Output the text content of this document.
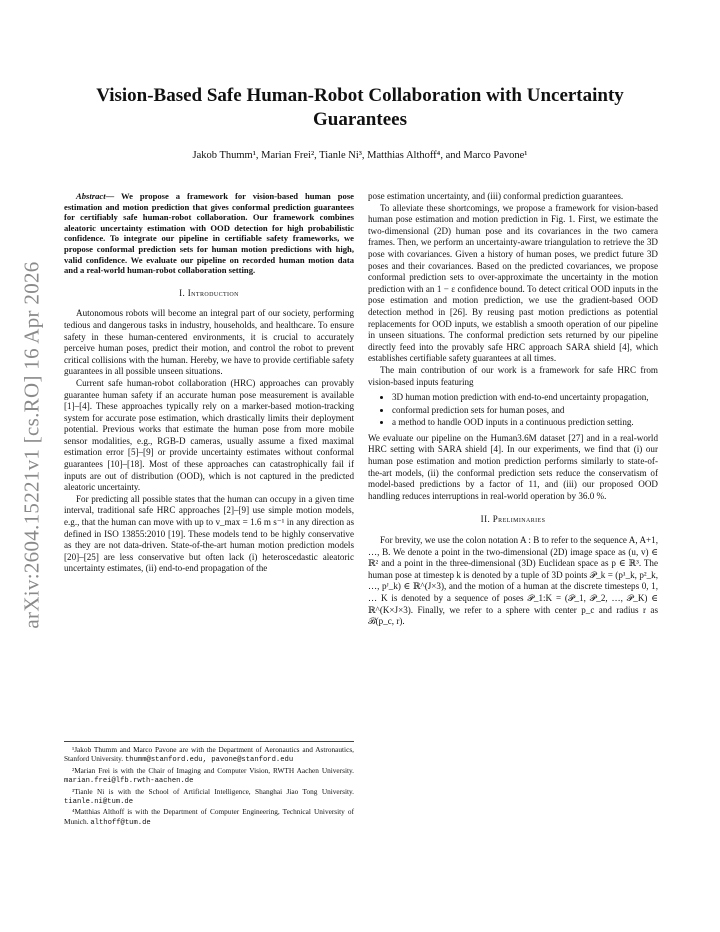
arXiv:2604.15221v1 [cs.RO] 16 Apr 2026
Vision-Based Safe Human-Robot Collaboration with Uncertainty Guarantees
Jakob Thumm¹, Marian Frei², Tianle Ni³, Matthias Althoff⁴, and Marco Pavone¹

Abstract— We propose a framework for vision-based human pose estimation and motion prediction that gives conformal prediction guarantees for certifiably safe human-robot collaboration. Our framework combines aleatoric uncertainty estimation with OOD detection for high probabilistic confidence. To integrate our pipeline in certifiable safety frameworks, we propose conformal prediction sets for human motion predictions with high, valid confidence. We evaluate our pipeline on recorded human motion data and a real-world human-robot collaboration setting.

I. Introduction

Autonomous robots will become an integral part of our society, performing tedious and dangerous tasks in industry, households, and healthcare. To ensure safety in these human-centered environments, it is crucial to accurately perceive human poses, predict their motion, and control the robot to prevent critical collisions with the human. Hereby, we have to provide certifiable safety guarantees in all possible unseen situations.

Current safe human-robot collaboration (HRC) approaches can provably guarantee human safety if an accurate human pose measurement is available [1]–[4]. These approaches typically rely on a marker-based motion-tracking system for accurate pose estimation, which drastically limits their deployment potential. Previous works that estimate the human pose from more mobile sensor modalities, e.g., RGB-D cameras, usually assume a fixed maximal estimation error [5]–[9] or provide uncertainty estimates without conformal guarantees [10]–[18]. Most of these approaches can catastrophically fail if inputs are out of distribution (OOD), which is not captured in the predicted aleatoric uncertainty.

For predicting all possible states that the human can occupy in a given time interval, traditional safe HRC approaches [2]–[9] use simple motion models, e.g., that the human can move with up to v_max = 1.6 m s⁻¹ in any direction as defined in ISO 13855:2010 [19]. These models tend to be highly conservative as they are not data-driven. State-of-the-art human motion prediction models [20]–[25] are less conservative but often lack (i) heteroscedastic aleatoric uncertainty estimates, (ii) end-to-end propagation of the

¹Jakob Thumm and Marco Pavone are with the Department of Aeronautics and Astronautics, Stanford University. thumm@stanford.edu, pavone@stanford.edu

²Marian Frei is with the Chair of Imaging and Computer Vision, RWTH Aachen University. marian.frei@lfb.rwth-aachen.de

³Tianle Ni is with the School of Artificial Intelligence, Shanghai Jiao Tong University. tianle.ni@tum.de

⁴Matthias Althoff is with the Department of Computer Engineering, Technical University of Munich. althoff@tum.de

pose estimation uncertainty, and (iii) conformal prediction guarantees.

To alleviate these shortcomings, we propose a framework for vision-based human pose estimation and motion prediction in Fig. 1. First, we estimate the two-dimensional (2D) human pose and its covariances in the two camera frames. Then, we perform an uncertainty-aware triangulation to retrieve the 3D pose with covariances. Given a history of human poses, we predict future 3D poses and their covariances. Based on the predicted covariances, we propose conformal prediction sets to over-approximate the uncertainty in the motion prediction with an 1 − ε confidence bound. To detect critical OOD inputs in the pose estimation and motion prediction, we use the gradient-based OOD detection method in [26]. By reusing past motion predictions as potential replacements for OOD inputs, we establish a smooth operation of our pipeline in unseen situations. The conformal prediction sets returned by our pipeline directly feed into the provably safe HRC approach SARA shield [4], which establishes certifiable safety guarantees at all times.

The main contribution of our work is a framework for safe HRC from vision-based inputs featuring

• 3D human motion prediction with end-to-end uncertainty propagation,
• conformal prediction sets for human poses, and
• a method to handle OOD inputs in a continuous prediction setting.

We evaluate our pipeline on the Human3.6M dataset [27] and in a real-world HRC setting with SARA shield [4]. In our experiments, we find that (i) our human pose estimation and motion prediction performs similarly to state-of-the-art models, (ii) the conformal prediction sets reduce the conservatism of model-based predictions by a factor of 11, and (iii) our proposed OOD handling reduces interruptions in real-world operation by 36.0 %.

II. Preliminaries

For brevity, we use the colon notation A : B to refer to the sequence A, A+1, …, B. We denote a point in the two-dimensional (2D) image space as (u, v) ∈ ℝ² and a point in the three-dimensional (3D) Euclidean space as p ∈ ℝ³. The human pose at timestep k is denoted by a tuple of 3D points 𝒫_k = (p¹_k, p²_k, …, pᴶ_k) ∈ ℝ^(J×3), and the motion of a human at the discrete timesteps 0, 1, … K is denoted by a sequence of poses 𝒫_1:K = (𝒫_1, 𝒫_2, …, 𝒫_K) ∈ ℝ^(K×J×3). Finally, we refer to a sphere with center p_c and radius r as ℬ(p_c, r).
